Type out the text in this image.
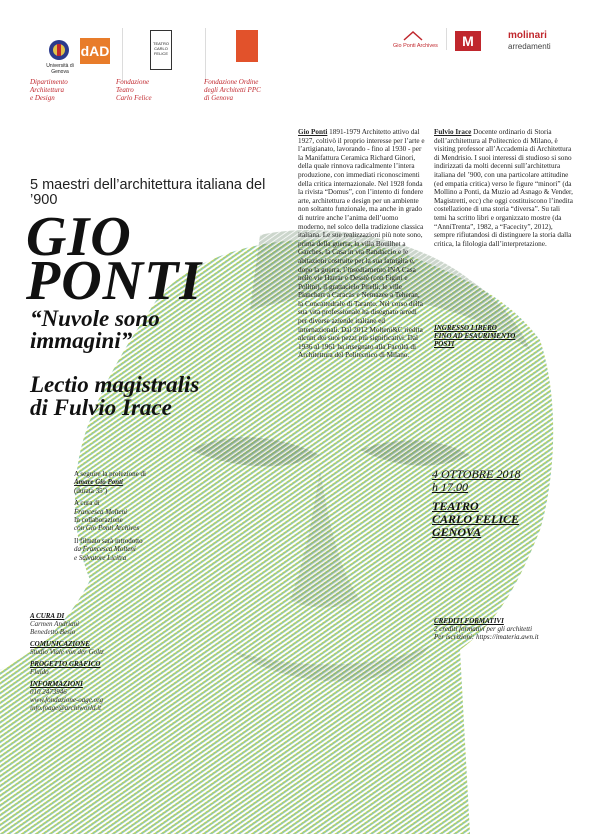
Università di Genova
dAD
Dipartimento
Architettura
e Design
TEATRO CARLO FELICE
Fondazione
Teatro
Carlo Felice
Fondazione Ordine
degli Architetti PPC
di Genova
Gio Ponti Archives	M	molinari
arredamenti
5 maestri dell’architettura italiana del ’900
GIO
PONTI
“Nuvole sono
immagini”
Lectio magistralis
di Fulvio Irace
Gio Ponti 1891-1979 Architetto attivo dal 1927, coltivò il proprio interesse per l’arte e l’artigianato, lavorando - fino al 1930 - per la Manifattura Ceramica Richard Ginori, della quale rinnova radicalmente l’intera produzione, con immediati riconoscimenti della critica internazionale. Nel 1928 fonda la rivista “Domus”, con l’intento di fondere arte, architettura e design per un ambiente non soltanto funzionale, ma anche in grado di nutrire anche l’anima dell’uomo moderno, nel solco della tradizione classica italiana. Le sue realizzazioni più note sono, prima della guerra, la villa Bouilhet a Garches, la Casa in via Randaccio e le abitazioni costruite per la sua famiglia e, dopo la guerra, l’insediamento INA Casa nelle vie Harrar e Dessiè (con Figini e Pollini), il grattacielo Pirelli, le ville Planchart a Caracas e Nemazee a Teheran, la Concattedrale di Taranto. Nel corso della sua vita professionale ha disegnato arredi per diverse aziende italiane ed internazionali. Dal 2012 Molteni&C riedita alcuni dei suoi pezzi più significativi. Dal 1936 al 1961 ha insegnato alla Facoltà di Architettura del Politecnico di Milano.
Fulvio Irace Docente ordinario di Storia dell’architettura al Politecnico di Milano, è visiting professor all’Accademia di Architettura di Mendrisio. I suoi interessi di studioso si sono indirizzati da molti decenni sull’architettura italiana del ’900, con una particolare attitudine (ed empatia critica) verso le figure “minori” (da Mollino a Ponti, da Muzio ad Asnago & Vender, Magistretti, ecc) che oggi costituiscono l’inedita costellazione di una storia “diversa”. Su tali temi ha scritto libri e organizzato mostre (da “AnniTrenta”, 1982, a “Facecity”, 2012), sempre rifiutandosi di distinguere la storia dalla critica, la filologia dall’interpretazione.
INGRESSO LIBERO
FINO AD ESAURIMENTO
POSTI
A seguire la proiezione di
Amare Gio Ponti
(durata 35’)
A cura di
Francesca Molteni
In collaborazione
con Gio Ponti Archives
Il filmato sarà introdotto
da Francesca Molteni
e Salvatore Licitra
4 OTTOBRE 2018
h 17.00
TEATRO
CARLO FELICE
GENOVA
CREDITI FORMATIVI
2 crediti formativi per gli architetti
Per iscrizioni: https://imateria.awn.it
A CURA DI
Carmen Andriani
Benedetto Besio
COMUNICAZIONE
Studio Viale von der Goltz
PROGETTO GRAFICO
Fluido
INFORMAZIONI
010 2473946
www.fondazione-oage.org
info.foage@archiworld.it
